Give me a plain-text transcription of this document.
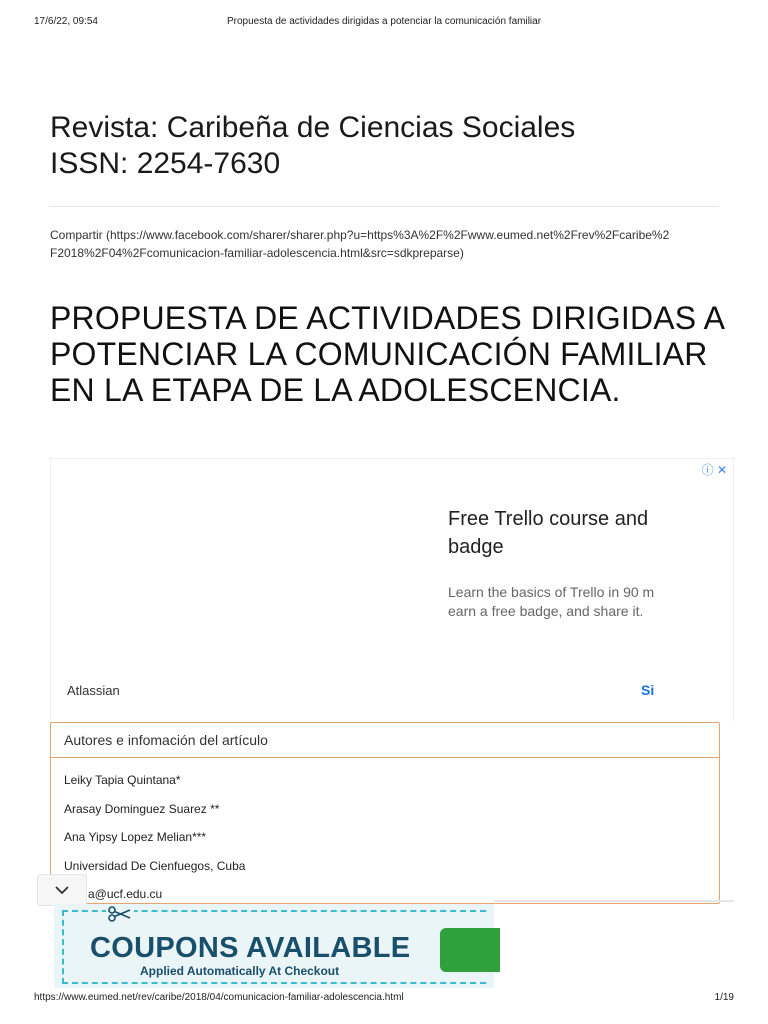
17/6/22, 09:54	Propuesta de actividades dirigidas a potenciar la comunicación familiar
Revista: Caribeña de Ciencias Sociales
ISSN: 2254-7630
Compartir (https://www.facebook.com/sharer/sharer.php?u=https%3A%2F%2Fwww.eumed.net%2Frev%2Fcaribe%2F2018%2F04%2Fcomunicacion-familiar-adolescencia.html&src=sdkpreparse)
PROPUESTA DE ACTIVIDADES DIRIGIDAS A POTENCIAR LA COMUNICACIÓN FAMILIAR EN LA ETAPA DE LA ADOLESCENCIA.
ⓘ ✕
Free Trello course and badge
Learn the basics of Trello in 90 m earn a free badge, and share it.
Atlassian	Si
Autores e infomación del artículo
Leiky Tapia Quintana*
Arasay Dominguez Suarez **
Ana Yipsy Lopez Melian***
Universidad De Cienfuegos, Cuba
a@ucf.edu.cu
COUPONS AVAILABLE
Applied Automatically At Checkout
https://www.eumed.net/rev/caribe/2018/04/comunicacion-familiar-adolescencia.html	1/19
